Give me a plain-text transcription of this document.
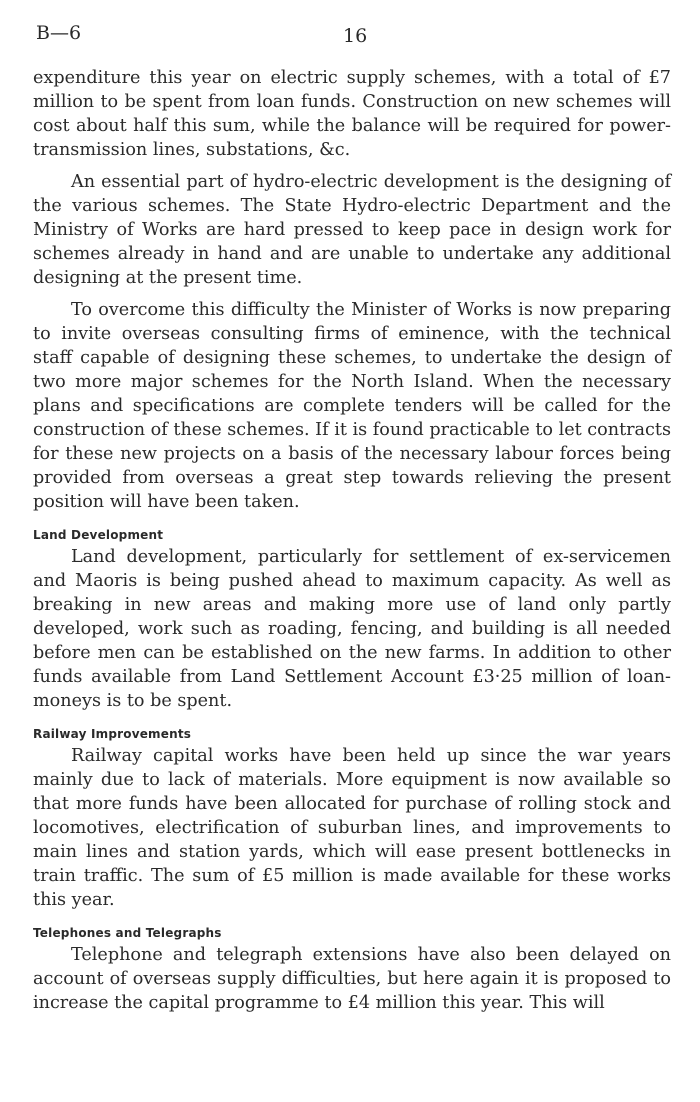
B—6	16

expenditure this year on electric supply schemes, with a total of £7 million to be spent from loan funds. Construction on new schemes will cost about half this sum, while the balance will be required for power-transmission lines, substations, &c.

An essential part of hydro-electric development is the designing of the various schemes. The State Hydro-electric Department and the Ministry of Works are hard pressed to keep pace in design work for schemes already in hand and are unable to undertake any additional designing at the present time.

To overcome this difficulty the Minister of Works is now preparing to invite overseas consulting firms of eminence, with the technical staff capable of designing these schemes, to undertake the design of two more major schemes for the North Island. When the necessary plans and specifications are complete tenders will be called for the construction of these schemes. If it is found practicable to let contracts for these new projects on a basis of the necessary labour forces being provided from overseas a great step towards relieving the present position will have been taken.

Land Development

Land development, particularly for settlement of ex-servicemen and Maoris is being pushed ahead to maximum capacity. As well as breaking in new areas and making more use of land only partly developed, work such as roading, fencing, and building is all needed before men can be established on the new farms. In addition to other funds available from Land Settlement Account £3·25 million of loan-moneys is to be spent.

Railway Improvements

Railway capital works have been held up since the war years mainly due to lack of materials. More equipment is now available so that more funds have been allocated for purchase of rolling stock and locomotives, electrification of suburban lines, and improvements to main lines and station yards, which will ease present bottlenecks in train traffic. The sum of £5 million is made available for these works this year.

Telephones and Telegraphs

Telephone and telegraph extensions have also been delayed on account of overseas supply difficulties, but here again it is proposed to increase the capital programme to £4 million this year. This will
